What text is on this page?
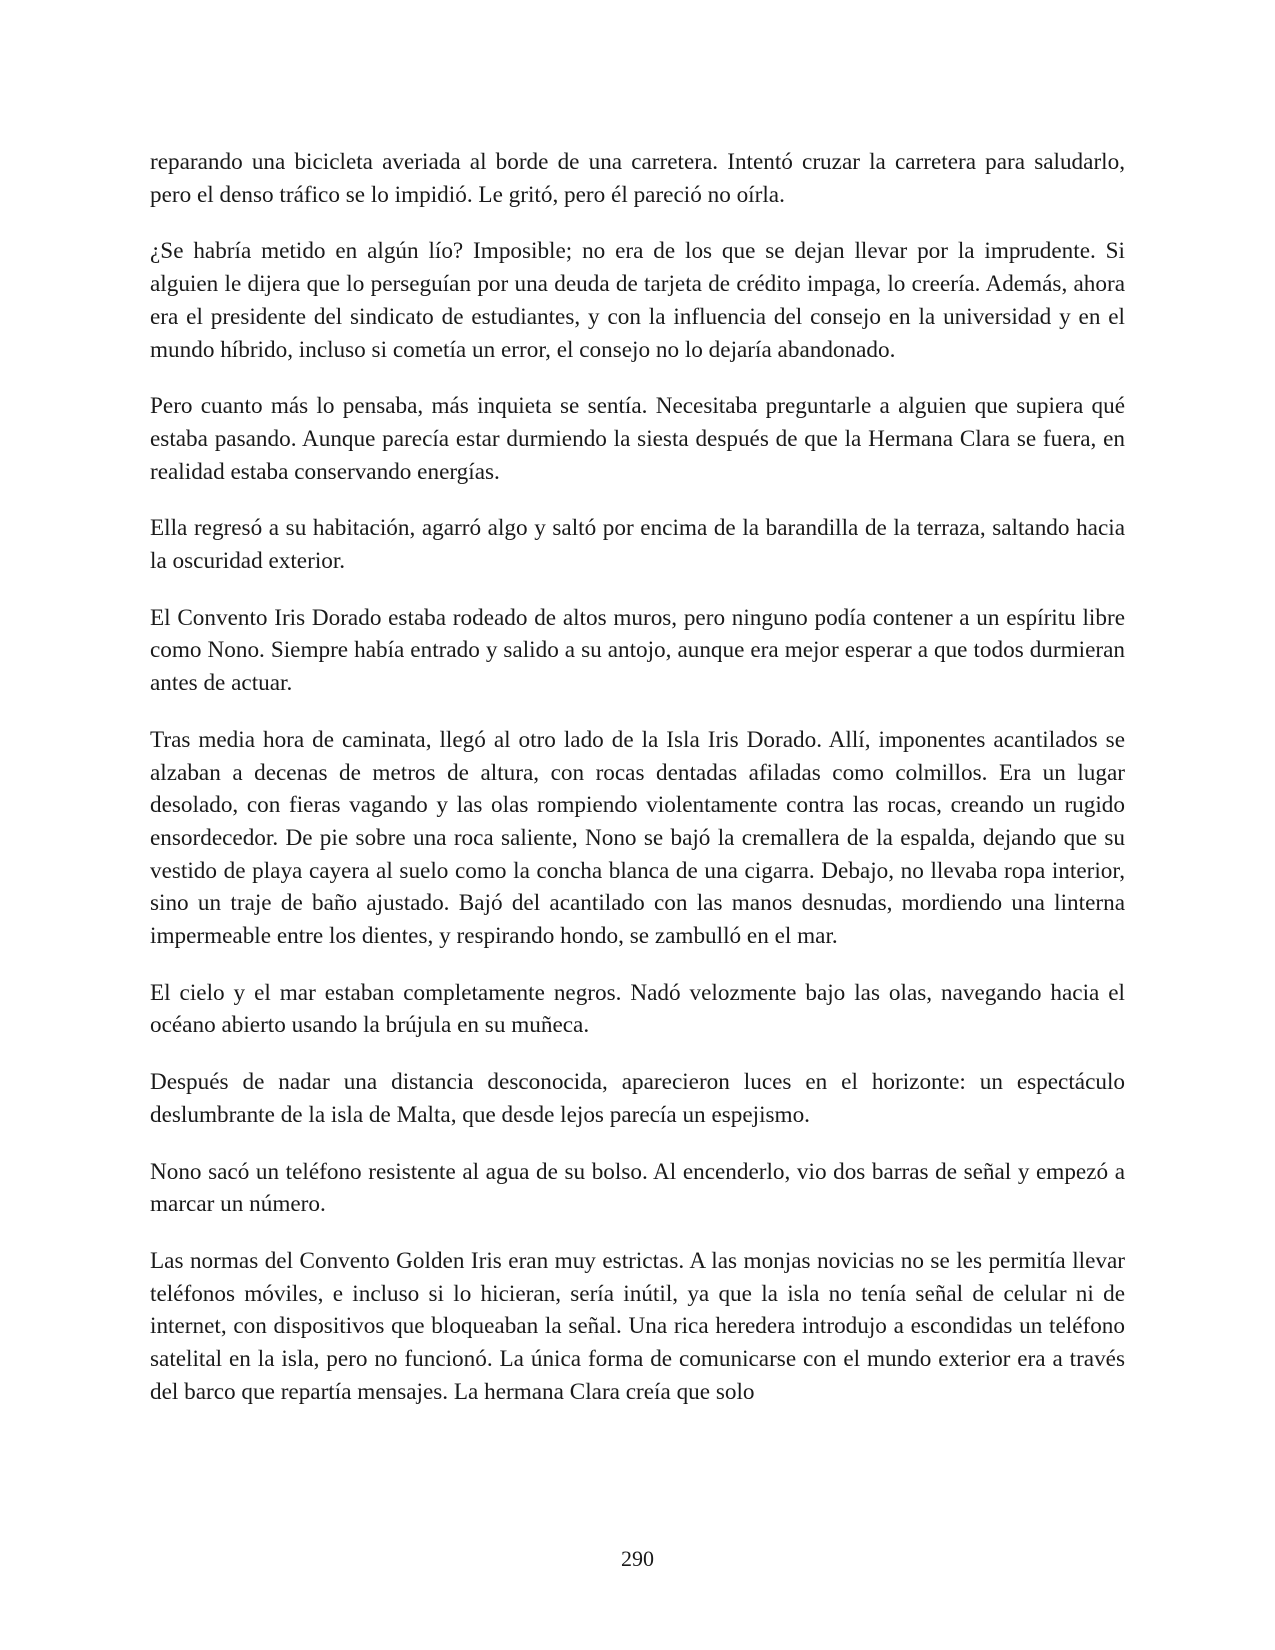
reparando una bicicleta averiada al borde de una carretera. Intentó cruzar la carretera para saludarlo, pero el denso tráfico se lo impidió. Le gritó, pero él pareció no oírla.

¿Se habría metido en algún lío? Imposible; no era de los que se dejan llevar por la imprudente. Si alguien le dijera que lo perseguían por una deuda de tarjeta de crédito impaga, lo creería. Además, ahora era el presidente del sindicato de estudiantes, y con la influencia del consejo en la universidad y en el mundo híbrido, incluso si cometía un error, el consejo no lo dejaría abandonado.

Pero cuanto más lo pensaba, más inquieta se sentía. Necesitaba preguntarle a alguien que supiera qué estaba pasando. Aunque parecía estar durmiendo la siesta después de que la Hermana Clara se fuera, en realidad estaba conservando energías.

Ella regresó a su habitación, agarró algo y saltó por encima de la barandilla de la terraza, saltando hacia la oscuridad exterior.

El Convento Iris Dorado estaba rodeado de altos muros, pero ninguno podía contener a un espíritu libre como Nono. Siempre había entrado y salido a su antojo, aunque era mejor esperar a que todos durmieran antes de actuar.

Tras media hora de caminata, llegó al otro lado de la Isla Iris Dorado. Allí, imponentes acantilados se alzaban a decenas de metros de altura, con rocas dentadas afiladas como colmillos. Era un lugar desolado, con fieras vagando y las olas rompiendo violentamente contra las rocas, creando un rugido ensordecedor. De pie sobre una roca saliente, Nono se bajó la cremallera de la espalda, dejando que su vestido de playa cayera al suelo como la concha blanca de una cigarra. Debajo, no llevaba ropa interior, sino un traje de baño ajustado. Bajó del acantilado con las manos desnudas, mordiendo una linterna impermeable entre los dientes, y respirando hondo, se zambulló en el mar.

El cielo y el mar estaban completamente negros. Nadó velozmente bajo las olas, navegando hacia el océano abierto usando la brújula en su muñeca.

Después de nadar una distancia desconocida, aparecieron luces en el horizonte: un espectáculo deslumbrante de la isla de Malta, que desde lejos parecía un espejismo.

Nono sacó un teléfono resistente al agua de su bolso. Al encenderlo, vio dos barras de señal y empezó a marcar un número.

Las normas del Convento Golden Iris eran muy estrictas. A las monjas novicias no se les permitía llevar teléfonos móviles, e incluso si lo hicieran, sería inútil, ya que la isla no tenía señal de celular ni de internet, con dispositivos que bloqueaban la señal. Una rica heredera introdujo a escondidas un teléfono satelital en la isla, pero no funcionó. La única forma de comunicarse con el mundo exterior era a través del barco que repartía mensajes. La hermana Clara creía que solo

290
